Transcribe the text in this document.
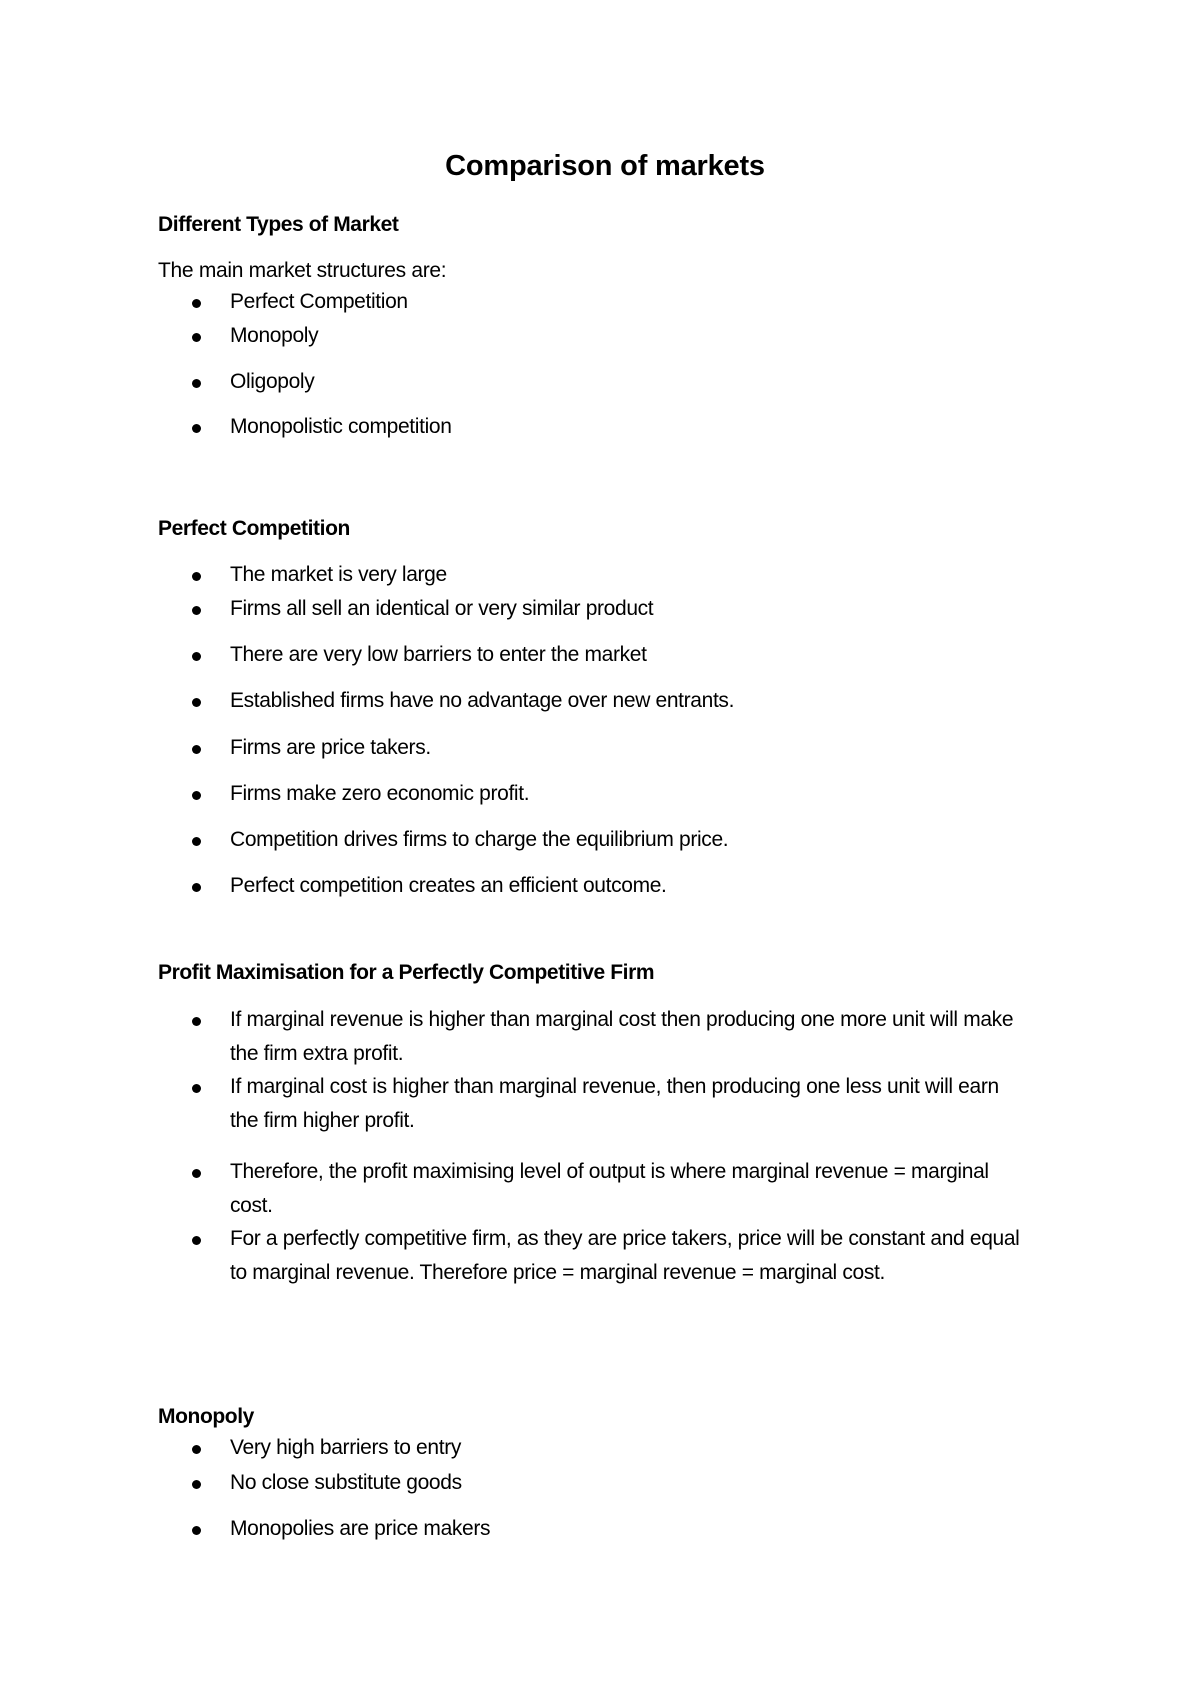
Comparison of markets
Different Types of Market
The main market structures are:
Perfect Competition
Monopoly
Oligopoly
Monopolistic competition
Perfect Competition
The market is very large
Firms all sell an identical or very similar product
There are very low barriers to enter the market
Established firms have no advantage over new entrants.
Firms are price takers.
Firms make zero economic profit.
Competition drives firms to charge the equilibrium price.
Perfect competition creates an efficient outcome.
Profit Maximisation for a Perfectly Competitive Firm
If marginal revenue is higher than marginal cost then producing one more unit will make the firm extra profit.
If marginal cost is higher than marginal revenue, then producing one less unit will earn the firm higher profit.
Therefore, the profit maximising level of output is where marginal revenue = marginal cost.
For a perfectly competitive firm, as they are price takers, price will be constant and equal to marginal revenue. Therefore price = marginal revenue = marginal cost.
Monopoly
Very high barriers to entry
No close substitute goods
Monopolies are price makers
